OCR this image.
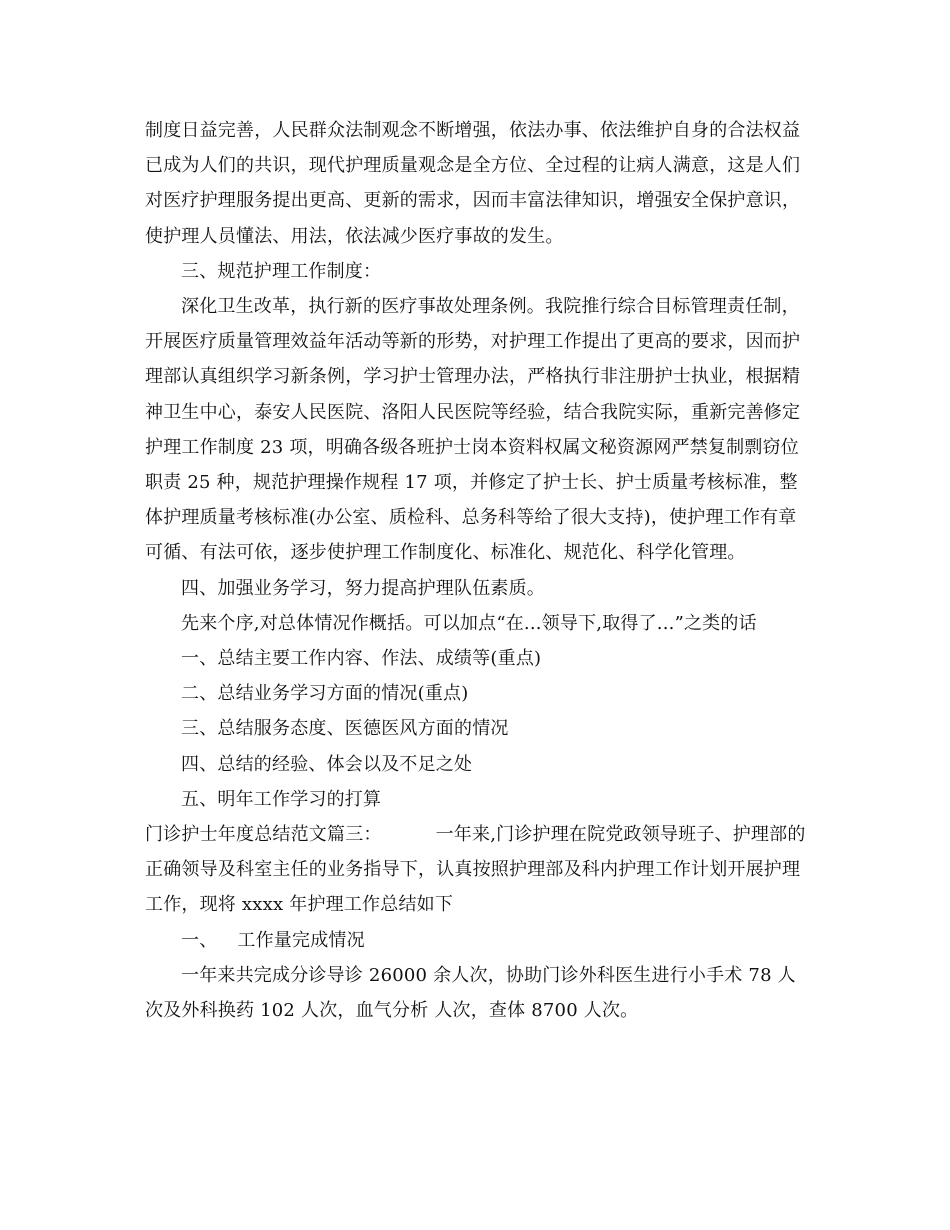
制度日益完善，人民群众法制观念不断增强，依法办事、依法维护自身的合法权益已成为人们的共识，现代护理质量观念是全方位、全过程的让病人满意，这是人们对医疗护理服务提出更高、更新的需求，因而丰富法律知识，增强安全保护意识，使护理人员懂法、用法，依法减少医疗事故的发生。

三、规范护理工作制度：

深化卫生改革，执行新的医疗事故处理条例。我院推行综合目标管理责任制，开展医疗质量管理效益年活动等新的形势，对护理工作提出了更高的要求，因而护理部认真组织学习新条例，学习护士管理办法，严格执行非注册护士执业，根据精神卫生中心，泰安人民医院、洛阳人民医院等经验，结合我院实际，重新完善修定护理工作制度 23 项，明确各级各班护士岗本资料权属文秘资源网严禁复制剽窃位职责 25 种，规范护理操作规程 17 项，并修定了护士长、护士质量考核标准，整体护理质量考核标准(办公室、质检科、总务科等给了很大支持)，使护理工作有章可循、有法可依，逐步使护理工作制度化、标准化、规范化、科学化管理。

四、加强业务学习，努力提高护理队伍素质。

先来个序,对总体情况作概括。可以加点“在...领导下,取得了...”之类的话

一、总结主要工作内容、作法、成绩等(重点)

二、总结业务学习方面的情况(重点)

三、总结服务态度、医德医风方面的情况

四、总结的经验、体会以及不足之处

五、明年工作学习的打算

门诊护士年度总结范文篇三：	一年来,门诊护理在院党政领导班子、护理部的正确领导及科室主任的业务指导下，认真按照护理部及科内护理工作计划开展护理工作，现将 xxxx 年护理工作总结如下

一、 工作量完成情况

一年来共完成分诊导诊 26000 余人次，协助门诊外科医生进行小手术 78 人次及外科换药 102 人次，血气分析 人次，查体 8700 人次。
